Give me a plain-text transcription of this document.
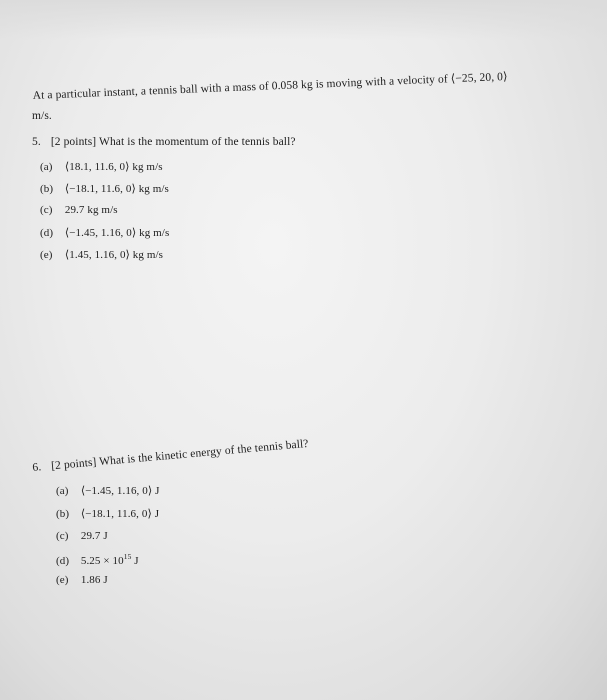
At a particular instant, a tennis ball with a mass of 0.058 kg is moving with a velocity of ⟨−25, 20, 0⟩
m/s.
5. [2 points] What is the momentum of the tennis ball?
(a) ⟨18.1, 11.6, 0⟩ kg m/s
(b) ⟨−18.1, 11.6, 0⟩ kg m/s
(c) 29.7 kg m/s
(d) ⟨−1.45, 1.16, 0⟩ kg m/s
(e) ⟨1.45, 1.16, 0⟩ kg m/s
6. [2 points] What is the kinetic energy of the tennis ball?
(a) ⟨−1.45, 1.16, 0⟩ J
(b) ⟨−18.1, 11.6, 0⟩ J
(c) 29.7 J
(d) $5.25 \times 10^{15}$ J
(e) 1.86 J
